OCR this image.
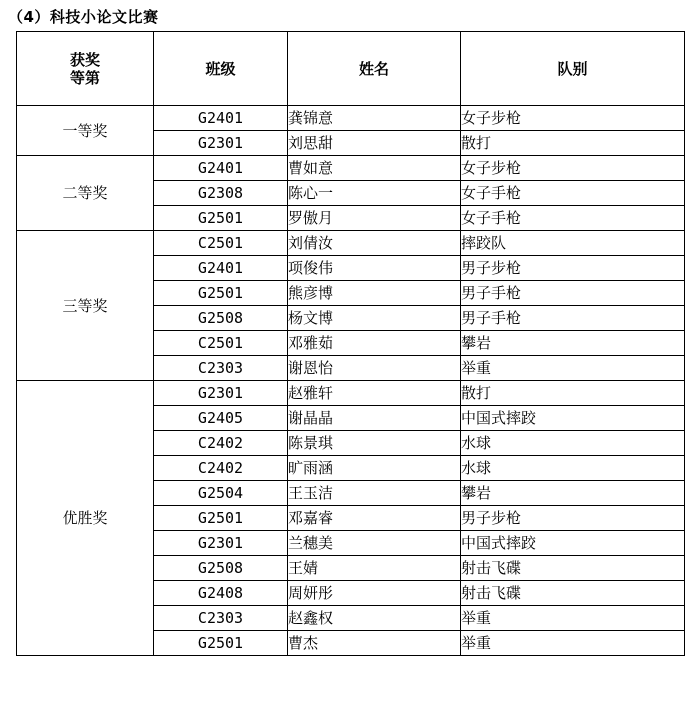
（4）科技小论文比赛
获奖
等第	班级	姓名	队别
一等奖	G2401	龚锦意	女子步枪
	G2301	刘思甜	散打
二等奖	G2401	曹如意	女子步枪
	G2308	陈心一	女子手枪
	G2501	罗傲月	女子手枪
三等奖	C2501	刘倩汝	摔跤队
	G2401	项俊伟	男子步枪
	G2501	熊彦博	男子手枪
	G2508	杨文博	男子手枪
	C2501	邓雅茹	攀岩
	C2303	谢恩怡	举重
优胜奖	G2301	赵雅轩	散打
	G2405	谢晶晶	中国式摔跤
	C2402	陈景琪	水球
	C2402	旷雨涵	水球
	G2504	王玉洁	攀岩
	G2501	邓嘉睿	男子步枪
	G2301	兰穗美	中国式摔跤
	G2508	王婧	射击飞碟
	G2408	周妍彤	射击飞碟
	C2303	赵鑫权	举重
	G2501	曹杰	举重
